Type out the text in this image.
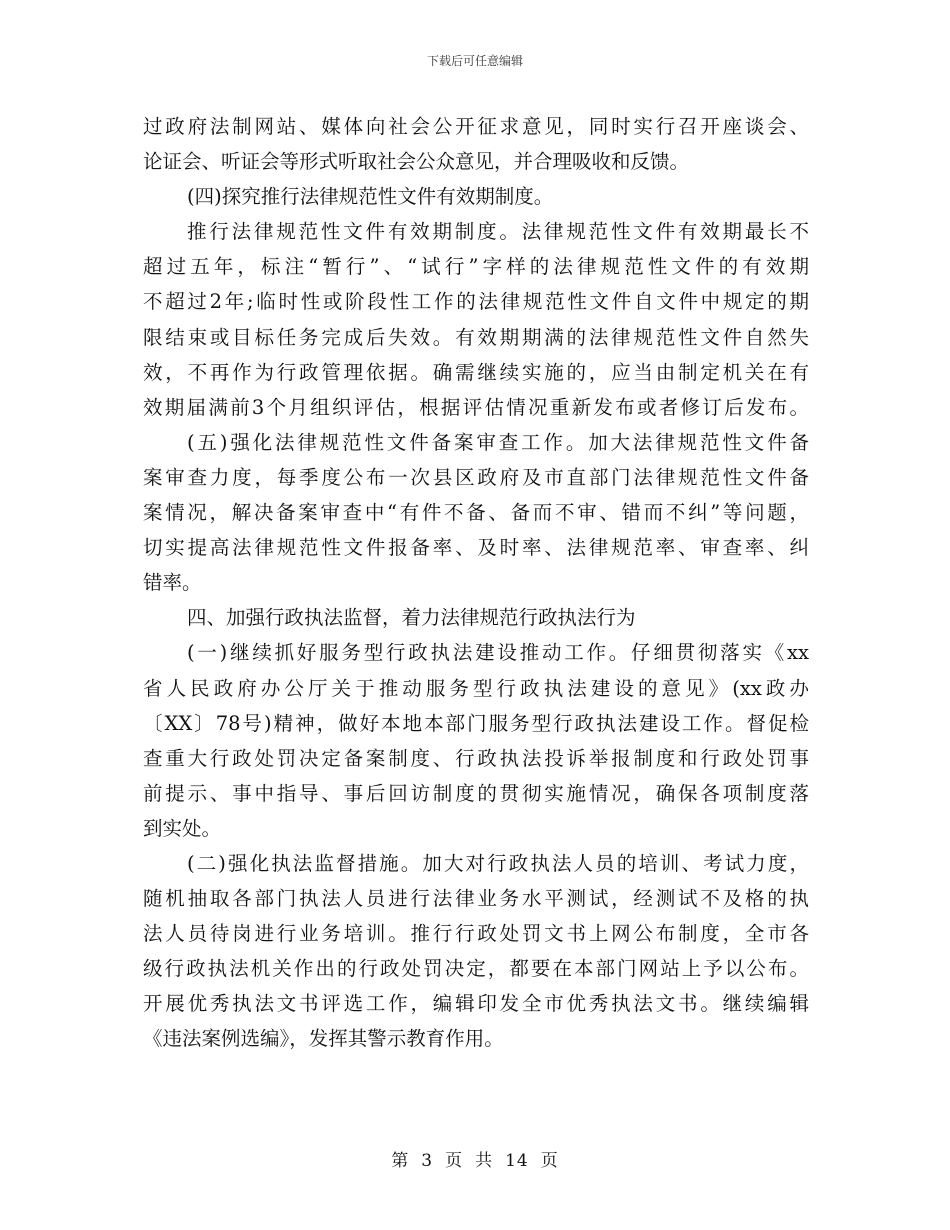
下载后可任意编辑
过政府法制网站、媒体向社会公开征求意见，同时实行召开座谈会、
论证会、听证会等形式听取社会公众意见，并合理吸收和反馈。
(四)探究推行法律规范性文件有效期制度。
推行法律规范性文件有效期制度。法律规范性文件有效期最长不
超过五年，标注“暂行”、“试行”字样的法律规范性文件的有效期
不超过2年;临时性或阶段性工作的法律规范性文件自文件中规定的期
限结束或目标任务完成后失效。有效期期满的法律规范性文件自然失
效，不再作为行政管理依据。确需继续实施的，应当由制定机关在有
效期届满前3个月组织评估，根据评估情况重新发布或者修订后发布。
(五)强化法律规范性文件备案审查工作。加大法律规范性文件备
案审查力度，每季度公布一次县区政府及市直部门法律规范性文件备
案情况，解决备案审查中“有件不备、备而不审、错而不纠”等问题，
切实提高法律规范性文件报备率、及时率、法律规范率、审查率、纠
错率。
四、加强行政执法监督，着力法律规范行政执法行为
(一)继续抓好服务型行政执法建设推动工作。仔细贯彻落实《xx
省人民政府办公厅关于推动服务型行政执法建设的意见》(xx政办
〔XX〕78号)精神，做好本地本部门服务型行政执法建设工作。督促检
查重大行政处罚决定备案制度、行政执法投诉举报制度和行政处罚事
前提示、事中指导、事后回访制度的贯彻实施情况，确保各项制度落
到实处。
(二)强化执法监督措施。加大对行政执法人员的培训、考试力度，
随机抽取各部门执法人员进行法律业务水平测试，经测试不及格的执
法人员待岗进行业务培训。推行行政处罚文书上网公布制度，全市各
级行政执法机关作出的行政处罚决定，都要在本部门网站上予以公布。
开展优秀执法文书评选工作，编辑印发全市优秀执法文书。继续编辑
《违法案例选编》，发挥其警示教育作用。
第 3 页 共 14 页
